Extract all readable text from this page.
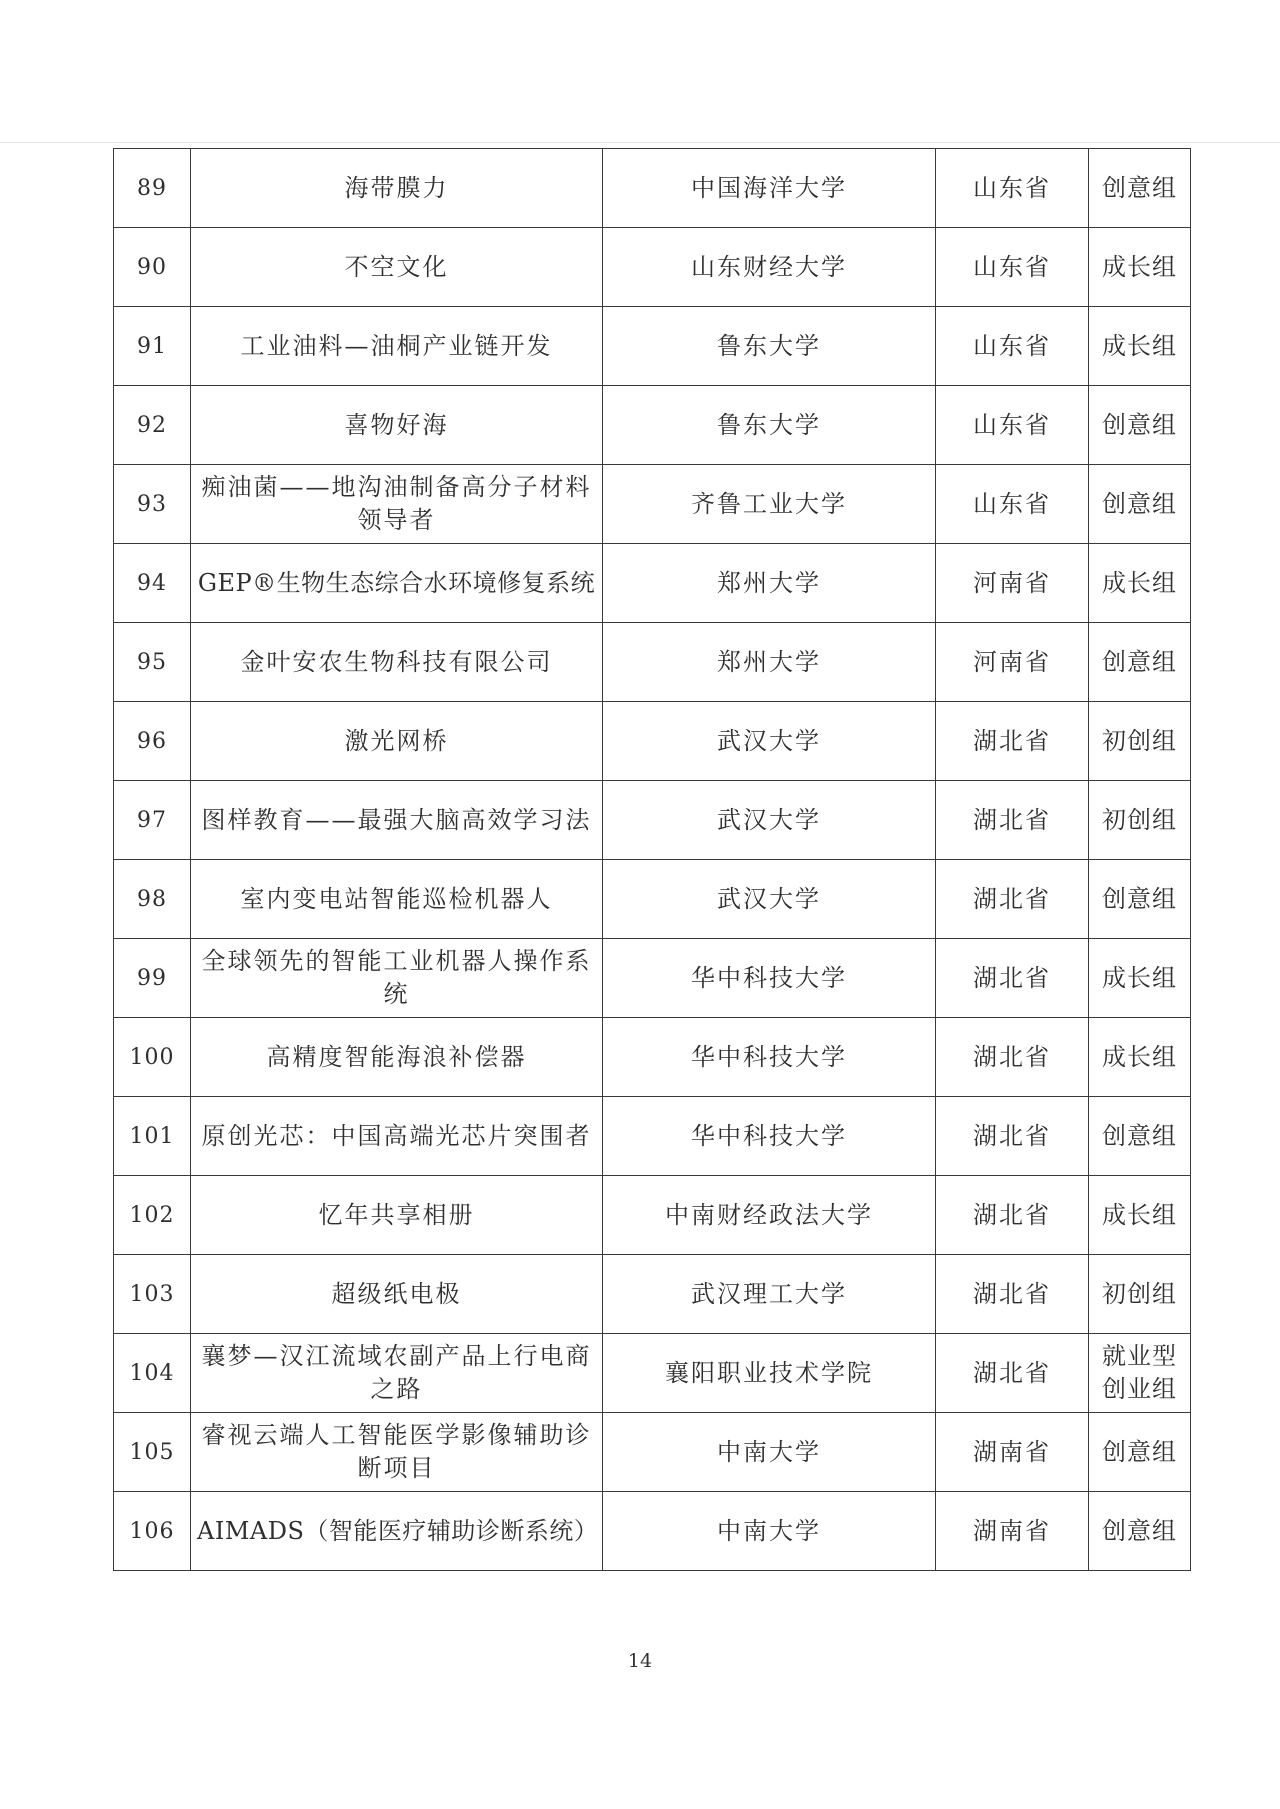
89	海带膜力	中国海洋大学	山东省	创意组
90	不空文化	山东财经大学	山东省	成长组
91	工业油料—油桐产业链开发	鲁东大学	山东省	成长组
92	喜物好海	鲁东大学	山东省	创意组
93	痴油菌——地沟油制备高分子材料领导者	齐鲁工业大学	山东省	创意组
94	GEP®生物生态综合水环境修复系统	郑州大学	河南省	成长组
95	金叶安农生物科技有限公司	郑州大学	河南省	创意组
96	激光网桥	武汉大学	湖北省	初创组
97	图样教育——最强大脑高效学习法	武汉大学	湖北省	初创组
98	室内变电站智能巡检机器人	武汉大学	湖北省	创意组
99	全球领先的智能工业机器人操作系统	华中科技大学	湖北省	成长组
100	高精度智能海浪补偿器	华中科技大学	湖北省	成长组
101	原创光芯：中国高端光芯片突围者	华中科技大学	湖北省	创意组
102	忆年共享相册	中南财经政法大学	湖北省	成长组
103	超级纸电极	武汉理工大学	湖北省	初创组
104	襄梦—汉江流域农副产品上行电商之路	襄阳职业技术学院	湖北省	就业型创业组
105	睿视云端人工智能医学影像辅助诊断项目	中南大学	湖南省	创意组
106	AIMADS（智能医疗辅助诊断系统）	中南大学	湖南省	创意组
14
